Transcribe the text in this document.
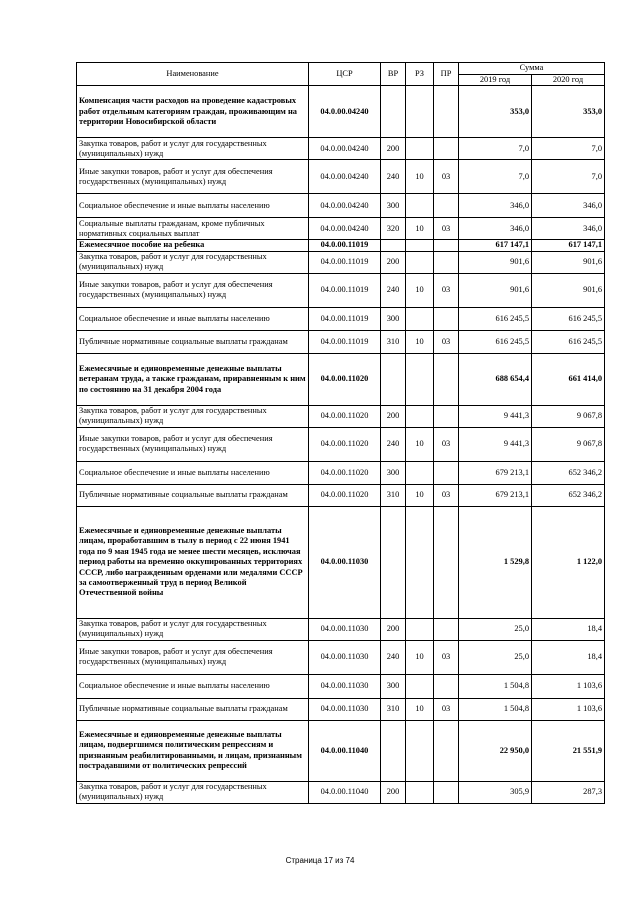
Наименование	ЦСР	ВР	РЗ	ПР	Сумма	
					2019 год	2020 год
Компенсация части расходов на проведение кадастровых работ отдельным категориям граждан, проживающим на территории Новосибирской области	04.0.00.04240				353,0	353,0
Закупка товаров, работ и услуг для государственных (муниципальных) нужд	04.0.00.04240	200			7,0	7,0
Иные закупки товаров, работ и услуг для обеспечения государственных (муниципальных) нужд	04.0.00.04240	240	10	03	7,0	7,0
Социальное обеспечение и иные выплаты населению	04.0.00.04240	300			346,0	346,0
Социальные выплаты гражданам, кроме публичных нормативных социальных выплат	04.0.00.04240	320	10	03	346,0	346,0
Ежемесячное пособие на ребенка	04.0.00.11019				617 147,1	617 147,1
Закупка товаров, работ и услуг для государственных (муниципальных) нужд	04.0.00.11019	200			901,6	901,6
Иные закупки товаров, работ и услуг для обеспечения государственных (муниципальных) нужд	04.0.00.11019	240	10	03	901,6	901,6
Социальное обеспечение и иные выплаты населению	04.0.00.11019	300			616 245,5	616 245,5
Публичные нормативные социальные выплаты гражданам	04.0.00.11019	310	10	03	616 245,5	616 245,5
Ежемесячные и единовременные денежные выплаты ветеранам труда, а также гражданам, приравненным к ним по состоянию на 31 декабря 2004 года	04.0.00.11020				688 654,4	661 414,0
Закупка товаров, работ и услуг для государственных (муниципальных) нужд	04.0.00.11020	200			9 441,3	9 067,8
Иные закупки товаров, работ и услуг для обеспечения государственных (муниципальных) нужд	04.0.00.11020	240	10	03	9 441,3	9 067,8
Социальное обеспечение и иные выплаты населению	04.0.00.11020	300			679 213,1	652 346,2
Публичные нормативные социальные выплаты гражданам	04.0.00.11020	310	10	03	679 213,1	652 346,2
Ежемесячные и единовременные денежные выплаты лицам, проработавшим в тылу в период с 22 июня 1941 года по 9 мая 1945 года не менее шести месяцев, исключая период работы на временно оккупированных территориях СССР, либо награжденным орденами или медалями СССР за самоотверженный труд в период Великой Отечественной войны	04.0.00.11030				1 529,8	1 122,0
Закупка товаров, работ и услуг для государственных (муниципальных) нужд	04.0.00.11030	200			25,0	18,4
Иные закупки товаров, работ и услуг для обеспечения государственных (муниципальных) нужд	04.0.00.11030	240	10	03	25,0	18,4
Социальное обеспечение и иные выплаты населению	04.0.00.11030	300			1 504,8	1 103,6
Публичные нормативные социальные выплаты гражданам	04.0.00.11030	310	10	03	1 504,8	1 103,6
Ежемесячные и единовременные денежные выплаты лицам, подвергшимся политическим репрессиям и признанным реабилитированными, и лицам, признанным пострадавшими от политических репрессий	04.0.00.11040				22 950,0	21 551,9
Закупка товаров, работ и услуг для государственных (муниципальных) нужд	04.0.00.11040	200			305,9	287,3
Страница 17 из 74
